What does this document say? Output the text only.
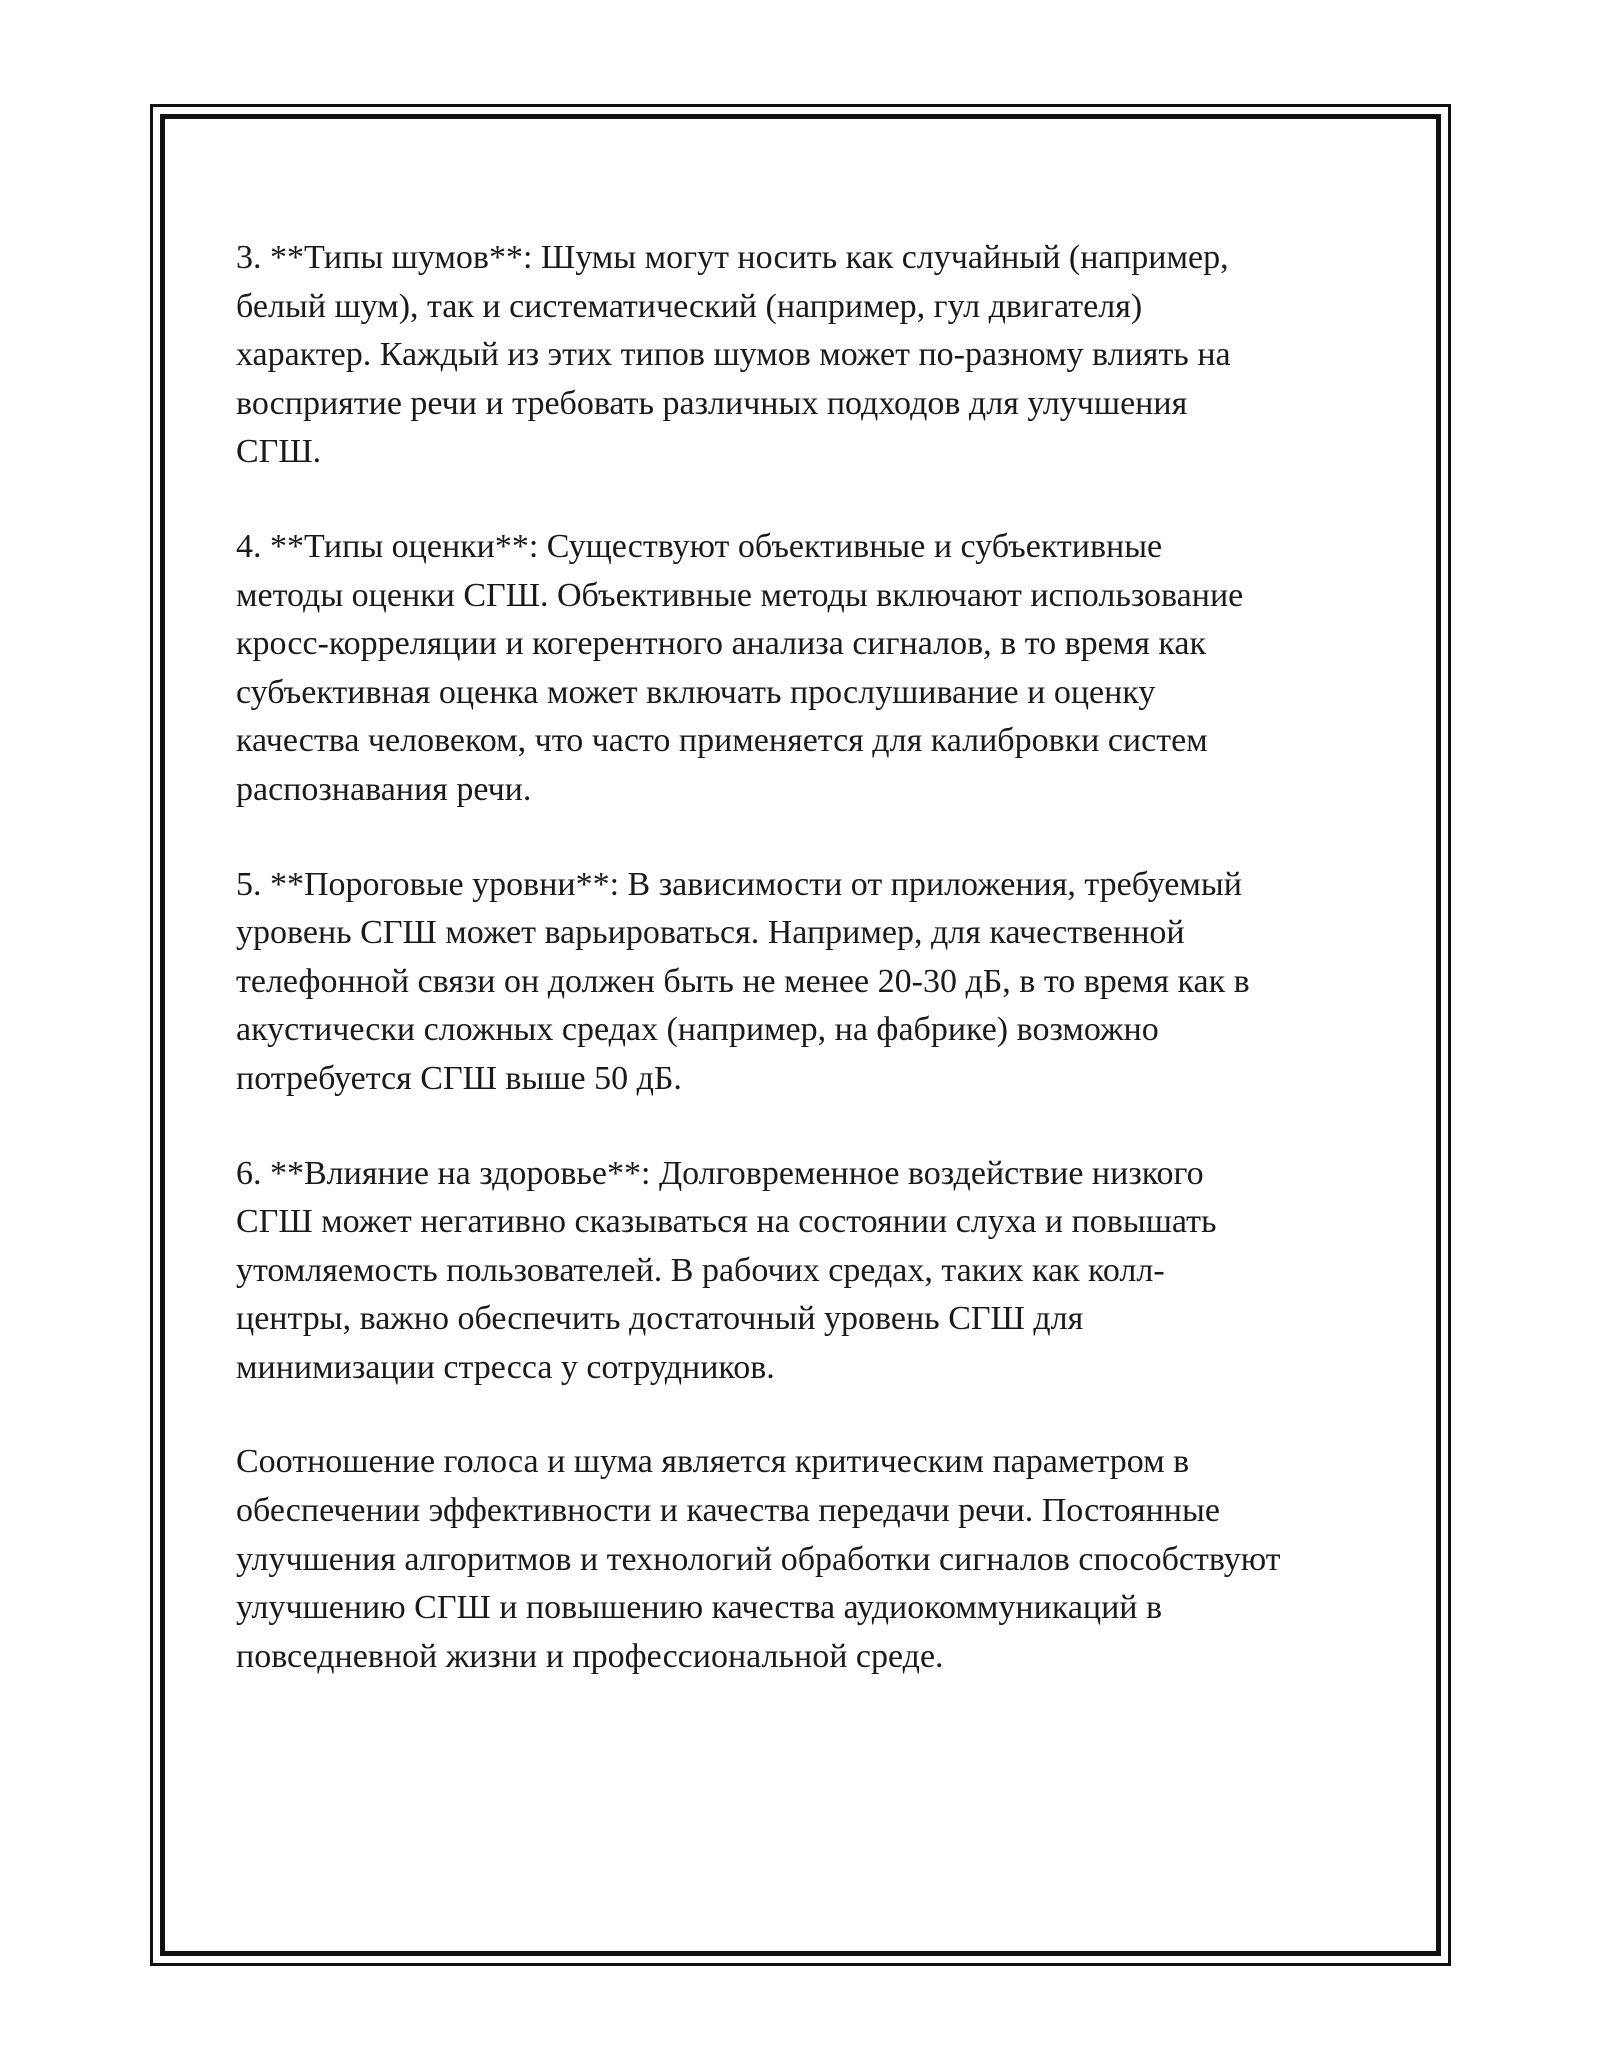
3. **Типы шумов**: Шумы могут носить как случайный (например,
белый шум), так и систематический (например, гул двигателя)
характер. Каждый из этих типов шумов может по-разному влиять на
восприятие речи и требовать различных подходов для улучшения
СГШ.

4. **Типы оценки**: Существуют объективные и субъективные
методы оценки СГШ. Объективные методы включают использование
кросс-корреляции и когерентного анализа сигналов, в то время как
субъективная оценка может включать прослушивание и оценку
качества человеком, что часто применяется для калибровки систем
распознавания речи.

5. **Пороговые уровни**: В зависимости от приложения, требуемый
уровень СГШ может варьироваться. Например, для качественной
телефонной связи он должен быть не менее 20-30 дБ, в то время как в
акустически сложных средах (например, на фабрике) возможно
потребуется СГШ выше 50 дБ.

6. **Влияние на здоровье**: Долговременное воздействие низкого
СГШ может негативно сказываться на состоянии слуха и повышать
утомляемость пользователей. В рабочих средах, таких как колл-
центры, важно обеспечить достаточный уровень СГШ для
минимизации стресса у сотрудников.

Соотношение голоса и шума является критическим параметром в
обеспечении эффективности и качества передачи речи. Постоянные
улучшения алгоритмов и технологий обработки сигналов способствуют
улучшению СГШ и повышению качества аудиокоммуникаций в
повседневной жизни и профессиональной среде.
